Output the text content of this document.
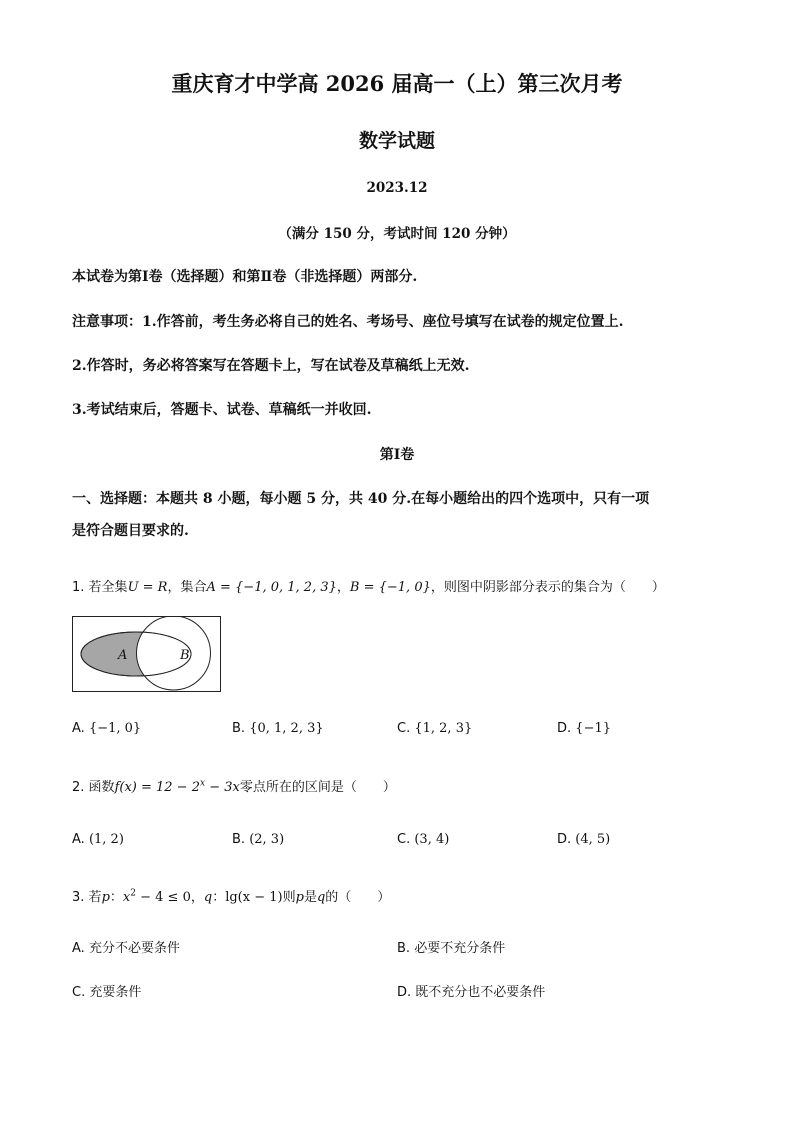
重庆育才中学高 2026 届高一（上）第三次月考
数学试题
2023.12
（满分 150 分，考试时间 120 分钟）
本试卷为第Ⅰ卷（选择题）和第Ⅱ卷（非选择题）两部分.
注意事项：1.作答前，考生务必将自己的姓名、考场号、座位号填写在试卷的规定位置上.
2.作答时，务必将答案写在答题卡上，写在试卷及草稿纸上无效.
3.考试结束后，答题卡、试卷、草稿纸一并收回.
第Ⅰ卷
一、选择题：本题共 8 小题，每小题 5 分，共 40 分.在每小题给出的四个选项中，只有一项
是符合题目要求的.
1. 若全集U = R，集合A = {−1, 0, 1, 2, 3}，B = {−1, 0}，则图中阴影部分表示的集合为（　　）
A	B
A. {−1, 0}	B. {0, 1, 2, 3}	C. {1, 2, 3}	D. {−1}
2. 函数$f(x) = 12 - 2^x - 3x$零点所在的区间是（　　）
A. (1, 2)	B. (2, 3)	C. (3, 4)	D. (4, 5)
3. 若p：$x^2 - 4 \le 0$，q：lg(x − 1)则p是q的（　　）
A. 充分不必要条件	B. 必要不充分条件
C. 充要条件	D. 既不充分也不必要条件
